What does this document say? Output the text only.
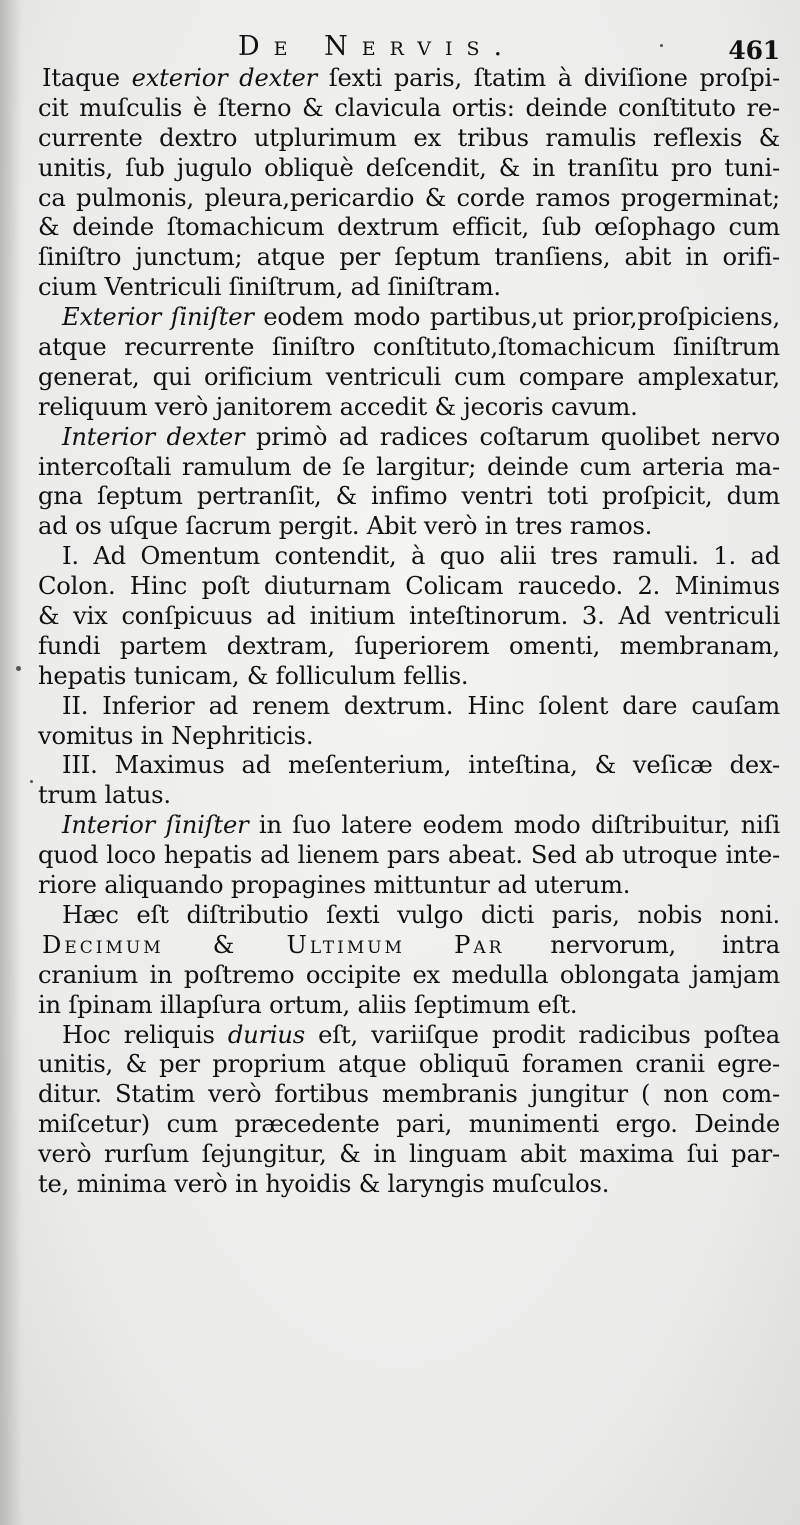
De Nervis.	461
Itaque exterior dexter ſexti paris, ſtatim à diviſione proſpi-
cit muſculis è ſterno & clavicula ortis: deinde conſtituto re-
currente dextro utplurimum ex tribus ramulis reflexis &
unitis, ſub jugulo obliquè deſcendit, & in tranſitu pro tuni-
ca pulmonis, pleura,pericardio & corde ramos progerminat;
& deinde ſtomachicum dextrum efficit, ſub œſophago cum
ſiniſtro junctum; atque per ſeptum tranſiens, abit in orifi-
cium Ventriculi ſiniſtrum, ad ſiniſtram.
Exterior ſiniſter eodem modo partibus,ut prior,proſpiciens,
atque recurrente ſiniſtro conſtituto,ſtomachicum ſiniſtrum
generat, qui orificium ventriculi cum compare amplexatur,
reliquum verò janitorem accedit & jecoris cavum.
Interior dexter primò ad radices coſtarum quolibet nervo
intercoſtali ramulum de ſe largitur; deinde cum arteria ma-
gna ſeptum pertranſit, & infimo ventri toti proſpicit, dum
ad os uſque ſacrum pergit. Abit verò in tres ramos.
I. Ad Omentum contendit, à quo alii tres ramuli. 1. ad
Colon. Hinc poſt diuturnam Colicam raucedo. 2. Minimus
& vix conſpicuus ad initium inteſtinorum. 3. Ad ventriculi
fundi partem dextram, ſuperiorem omenti, membranam,
hepatis tunicam, & folliculum fellis.
II. Inferior ad renem dextrum. Hinc ſolent dare cauſam
vomitus in Nephriticis.
III. Maximus ad meſenterium, inteſtina, & veſicæ dex-
trum latus.
Interior ſiniſter in ſuo latere eodem modo diſtribuitur, niſi
quod loco hepatis ad lienem pars abeat. Sed ab utroque inte-
riore aliquando propagines mittuntur ad uterum.
Hæc eſt diſtributio ſexti vulgo dicti paris, nobis noni.
Decimum & Ultimum Par nervorum, intra
cranium in poſtremo occipite ex medulla oblongata jamjam
in ſpinam illapſura ortum, aliis ſeptimum eſt.
Hoc reliquis durius eſt, variiſque prodit radicibus poſtea
unitis, & per proprium atque obliquū foramen cranii egre-
ditur. Statim verò fortibus membranis jungitur ( non com-
miſcetur) cum præcedente pari, munimenti ergo. Deinde
verò rurſum ſejungitur, & in linguam abit maxima ſui par-
te, minima verò in hyoidis & laryngis muſculos.
